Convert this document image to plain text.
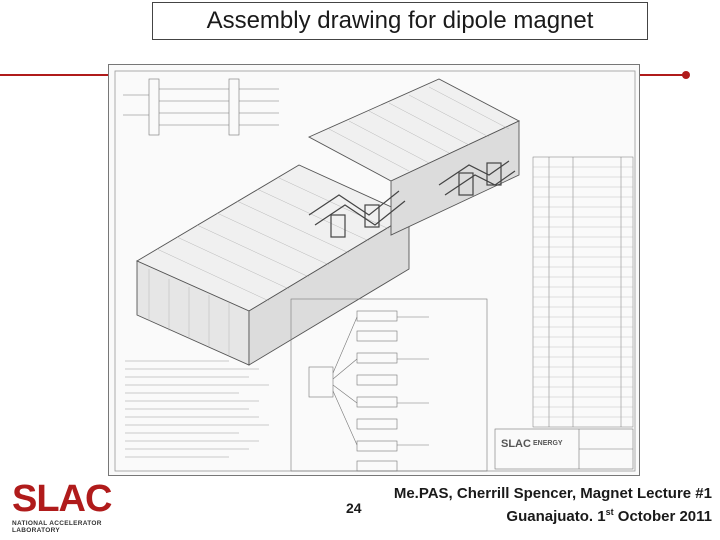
Assembly drawing for dipole magnet
SLAC ENERGY
SLAC
NATIONAL ACCELERATOR LABORATORY
24
Me.PAS, Cherrill Spencer, Magnet Lecture #1
Guanajuato. 1st October 2011
